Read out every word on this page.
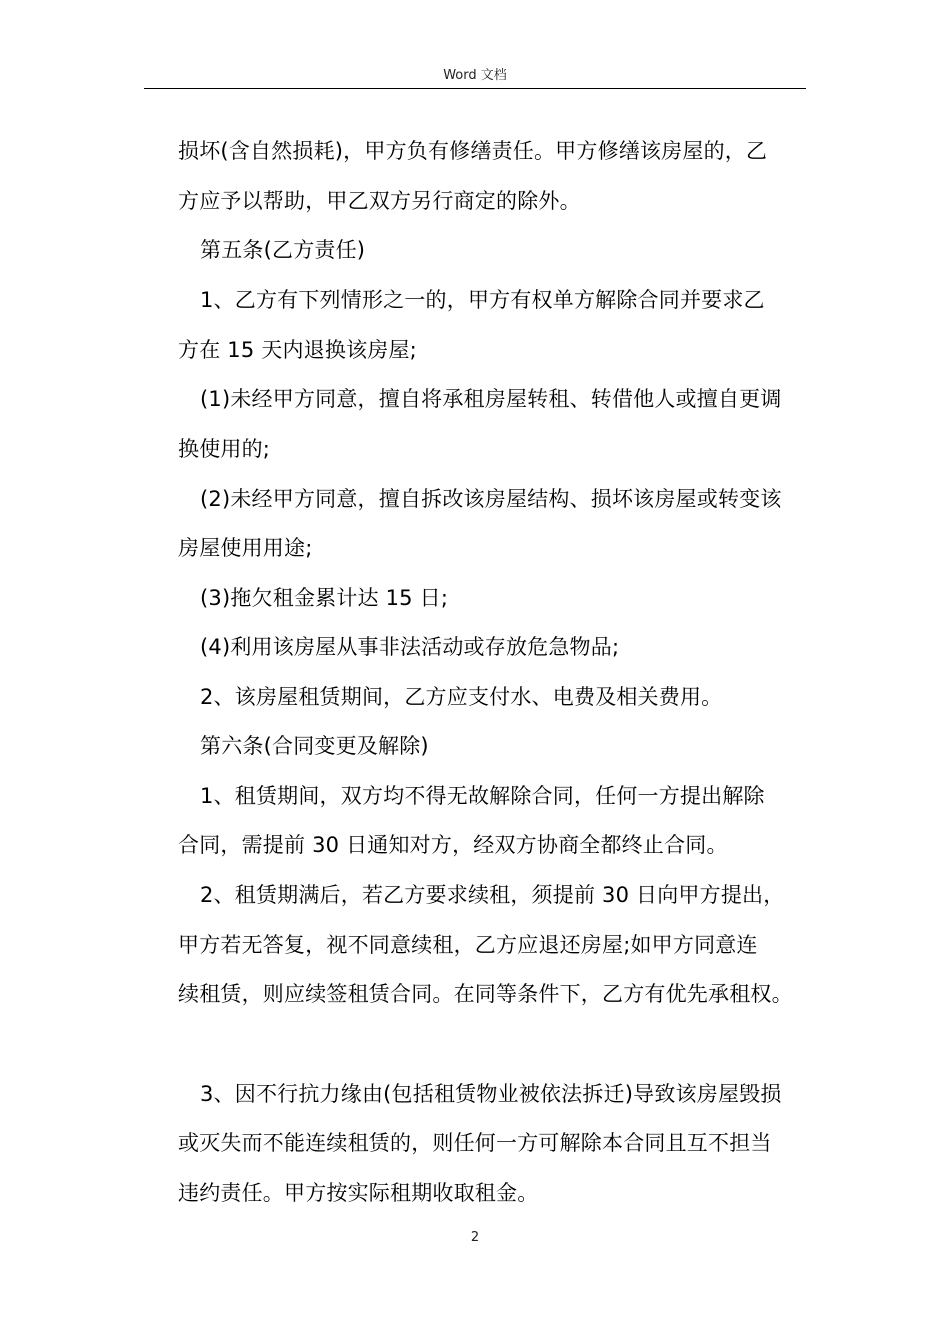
Word 文档
损坏(含自然损耗)，甲方负有修缮责任。甲方修缮该房屋的，乙
方应予以帮助，甲乙双方另行商定的除外。
第五条(乙方责任)
1、乙方有下列情形之一的，甲方有权单方解除合同并要求乙
方在 15 天内退换该房屋;
(1)未经甲方同意，擅自将承租房屋转租、转借他人或擅自更调
换使用的;
(2)未经甲方同意，擅自拆改该房屋结构、损坏该房屋或转变该
房屋使用用途;
(3)拖欠租金累计达 15 日;
(4)利用该房屋从事非法活动或存放危急物品;
2、该房屋租赁期间，乙方应支付水、电费及相关费用。
第六条(合同变更及解除)
1、租赁期间，双方均不得无故解除合同，任何一方提出解除
合同，需提前 30 日通知对方，经双方协商全都终止合同。
2、租赁期满后，若乙方要求续租，须提前 30 日向甲方提出，
甲方若无答复，视不同意续租，乙方应退还房屋;如甲方同意连
续租赁，则应续签租赁合同。在同等条件下，乙方有优先承租权。
3、因不行抗力缘由(包括租赁物业被依法拆迁)导致该房屋毁损
或灭失而不能连续租赁的，则任何一方可解除本合同且互不担当
违约责任。甲方按实际租期收取租金。
2
